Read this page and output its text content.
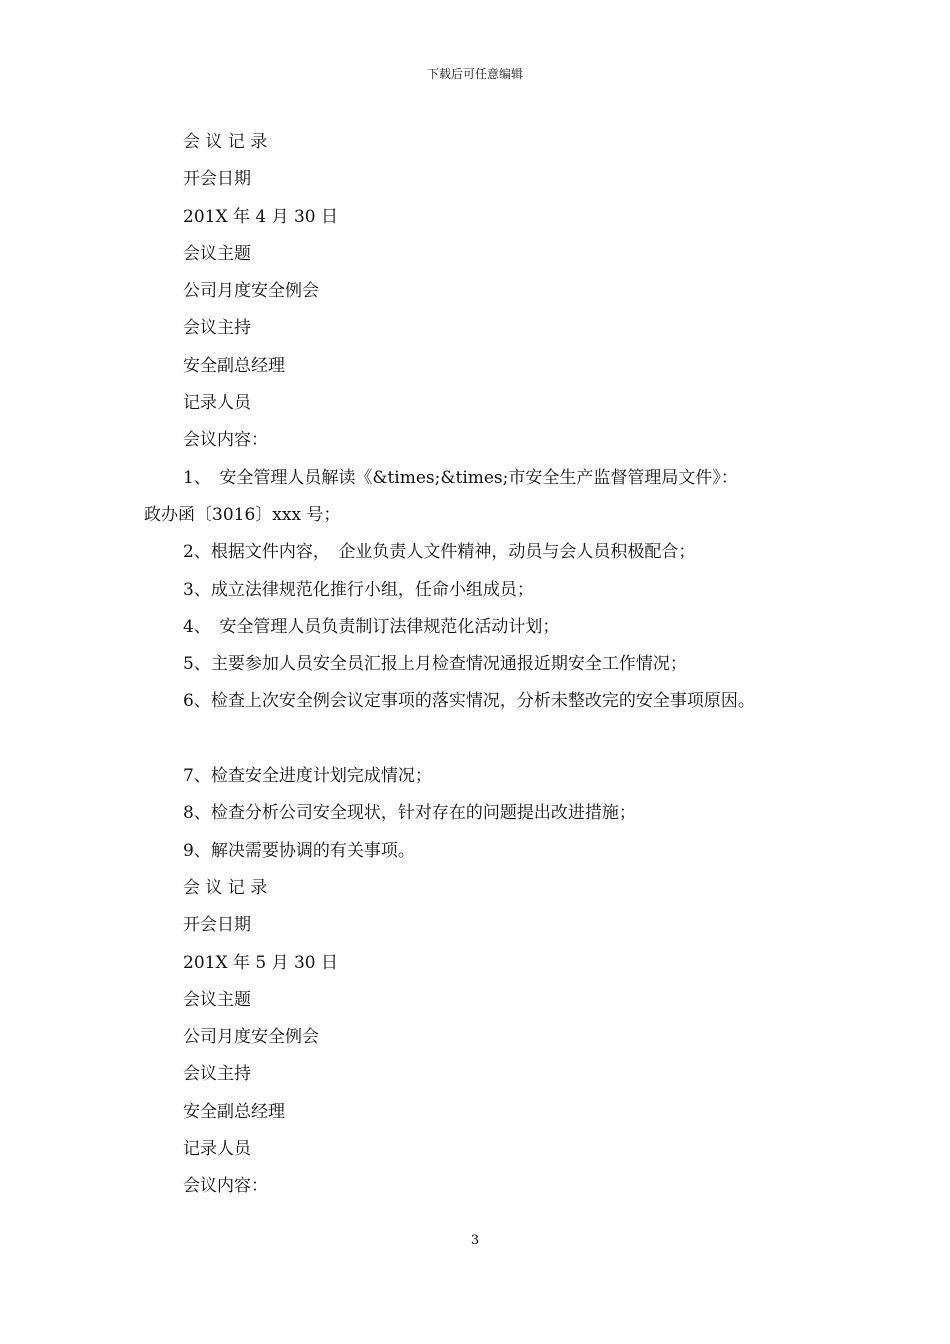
下载后可任意编辑
会 议 记 录
开会日期
201X 年 4 月 30 日
会议主题
公司月度安全例会
会议主持
安全副总经理
记录人员
会议内容：
1、　安全管理人员解读《&times;&times;市安全生产监督管理局文件》：
政办函〔3016〕xxx 号；
2、根据文件内容，　企业负责人文件精神，动员与会人员积极配合；
3、成立法律规范化推行小组，任命小组成员；
4、　安全管理人员负责制订法律规范化活动计划；
5、主要参加人员安全员汇报上月检查情况通报近期安全工作情况；
6、检查上次安全例会议定事项的落实情况，分析未整改完的安全事项原因。
7、检查安全进度计划完成情况；
8、检查分析公司安全现状，针对存在的问题提出改进措施；
9、解决需要协调的有关事项。
会 议 记 录
开会日期
201X 年 5 月 30 日
会议主题
公司月度安全例会
会议主持
安全副总经理
记录人员
会议内容：
3
